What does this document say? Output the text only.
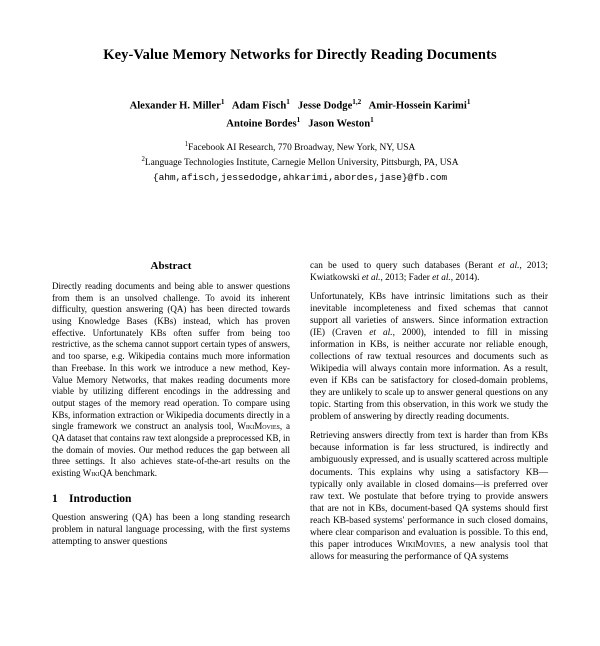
Key-Value Memory Networks for Directly Reading Documents
Alexander H. Miller$^1$ Adam Fisch$^1$ Jesse Dodge$^{1,2}$ Amir-Hossein Karimi$^1$
Antoine Bordes$^1$ Jason Weston$^1$
$^1$Facebook AI Research, 770 Broadway, New York, NY, USA
$^2$Language Technologies Institute, Carnegie Mellon University, Pittsburgh, PA, USA
{ahm,afisch,jessedodge,ahkarimi,abordes,jase}@fb.com
Abstract

Directly reading documents and being able to answer questions from them is an unsolved challenge. To avoid its inherent difficulty, question answering (QA) has been directed towards using Knowledge Bases (KBs) instead, which has proven effective. Unfortunately KBs often suffer from being too restrictive, as the schema cannot support certain types of answers, and too sparse, e.g. Wikipedia contains much more information than Freebase. In this work we introduce a new method, Key-Value Memory Networks, that makes reading documents more viable by utilizing different encodings in the addressing and output stages of the memory read operation. To compare using KBs, information extraction or Wikipedia documents directly in a single framework we construct an analysis tool, WikiMovies, a QA dataset that contains raw text alongside a preprocessed KB, in the domain of movies. Our method reduces the gap between all three settings. It also achieves state-of-the-art results on the existing WikiQA benchmark.

1 Introduction

Question answering (QA) has been a long standing research problem in natural language processing, with the first systems attempting to answer questions

can be used to query such databases (Berant et al., 2013; Kwiatkowski et al., 2013; Fader et al., 2014).

Unfortunately, KBs have intrinsic limitations such as their inevitable incompleteness and fixed schemas that cannot support all varieties of answers. Since information extraction (IE) (Craven et al., 2000), intended to fill in missing information in KBs, is neither accurate nor reliable enough, collections of raw textual resources and documents such as Wikipedia will always contain more information. As a result, even if KBs can be satisfactory for closed-domain problems, they are unlikely to scale up to answer general questions on any topic. Starting from this observation, in this work we study the problem of answering by directly reading documents.

Retrieving answers directly from text is harder than from KBs because information is far less structured, is indirectly and ambiguously expressed, and is usually scattered across multiple documents. This explains why using a satisfactory KB—typically only available in closed domains—is preferred over raw text. We postulate that before trying to provide answers that are not in KBs, document-based QA systems should first reach KB-based systems' performance in such closed domains, where clear comparison and evaluation is possible. To this end, this paper introduces WikiMovies, a new analysis tool that allows for measuring the performance of QA systems
